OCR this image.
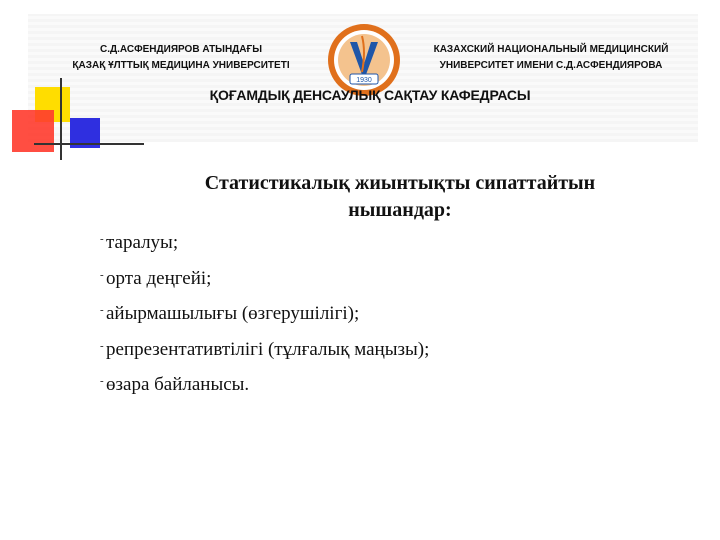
С.Д.АСФЕНДИЯРОВ АТЫНДАҒЫ
ҚАЗАҚ ҰЛТТЫҚ МЕДИЦИНА УНИВЕРСИТЕТІ
1930
КАЗАХСКИЙ НАЦИОНАЛЬНЫЙ МЕДИЦИНСКИЙ
УНИВЕРСИТЕТ ИМЕНИ С.Д.АСФЕНДИЯРОВА
ҚОҒАМДЫҚ ДЕНСАУЛЫҚ САҚТАУ КАФЕДРАСЫ
Статистикалық жиынтықты сипаттайтын
нышандар:
- таралуы;
- орта деңгейі;
- айырмашылығы (өзгерушілігі);
- репрезентативтілігі (тұлғалық маңызы);
- өзара байланысы.
